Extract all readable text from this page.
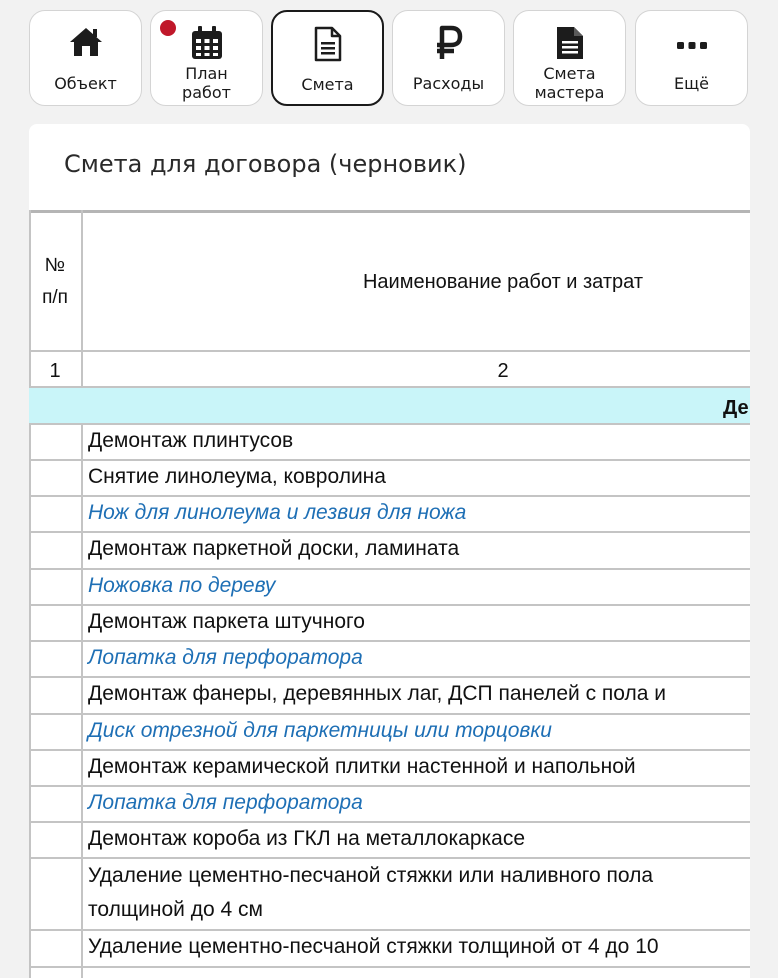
Объект	План
работ	Смета	Расходы	Смета
мастера	Ещё
Смета для договора (черновик)
№
п/п
Наименование работ и затрат
1	2
Де
Демонтаж плинтусов
Снятие линолеума, ковролина
Нож для линолеума и лезвия для ножа
Демонтаж паркетной доски, ламината
Ножовка по дереву
Демонтаж паркета штучного
Лопатка для перфоратора
Демонтаж фанеры, деревянных лаг, ДСП панелей с пола и
Диск отрезной для паркетницы или торцовки
Демонтаж керамической плитки настенной и напольной
Лопатка для перфоратора
Демонтаж короба из ГКЛ на металлокаркасе
Удаление цементно-песчаной стяжки или наливного пола
толщиной до 4 см
Удаление цементно-песчаной стяжки толщиной от 4 до 10
